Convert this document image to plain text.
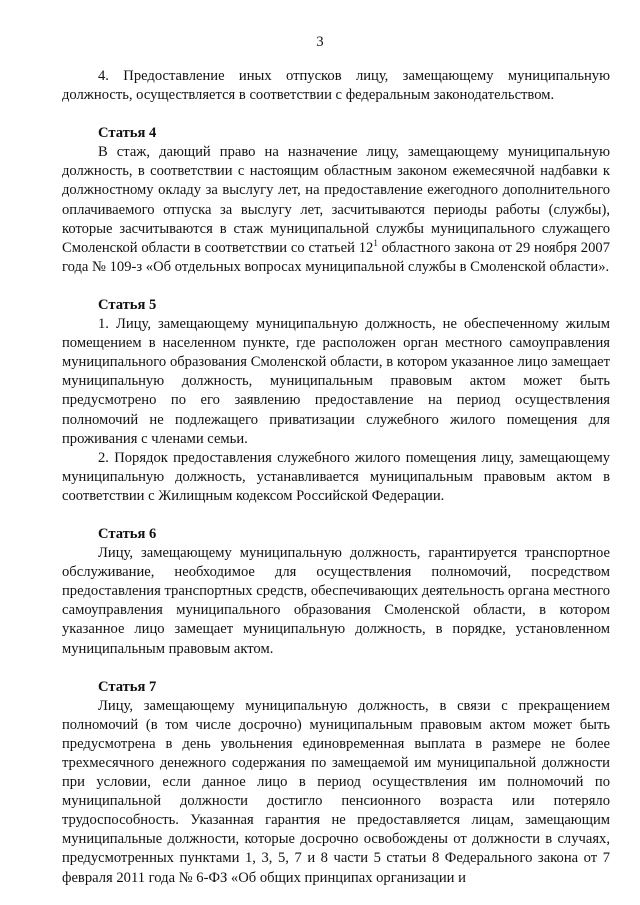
3

4. Предоставление иных отпусков лицу, замещающему муниципальную должность, осуществляется в соответствии с федеральным законодательством.

Статья 4

В стаж, дающий право на назначение лицу, замещающему муниципальную должность, в соответствии с настоящим областным законом ежемесячной надбавки к должностному окладу за выслугу лет, на предоставление ежегодного дополнительного оплачиваемого отпуска за выслугу лет, засчитываются периоды работы (службы), которые засчитываются в стаж муниципальной службы муниципального служащего Смоленской области в соответствии со статьей $12^1$ областного закона от 29 ноября 2007 года № 109-з «Об отдельных вопросах муниципальной службы в Смоленской области».

Статья 5

1. Лицу, замещающему муниципальную должность, не обеспеченному жилым помещением в населенном пункте, где расположен орган местного самоуправления муниципального образования Смоленской области, в котором указанное лицо замещает муниципальную должность, муниципальным правовым актом может быть предусмотрено по его заявлению предоставление на период осуществления полномочий не подлежащего приватизации служебного жилого помещения для проживания с членами семьи.

2. Порядок предоставления служебного жилого помещения лицу, замещающему муниципальную должность, устанавливается муниципальным правовым актом в соответствии с Жилищным кодексом Российской Федерации.

Статья 6

Лицу, замещающему муниципальную должность, гарантируется транспортное обслуживание, необходимое для осуществления полномочий, посредством предоставления транспортных средств, обеспечивающих деятельность органа местного самоуправления муниципального образования Смоленской области, в котором указанное лицо замещает муниципальную должность, в порядке, установленном муниципальным правовым актом.

Статья 7

Лицу, замещающему муниципальную должность, в связи с прекращением полномочий (в том числе досрочно) муниципальным правовым актом может быть предусмотрена в день увольнения единовременная выплата в размере не более трехмесячного денежного содержания по замещаемой им муниципальной должности при условии, если данное лицо в период осуществления им полномочий по муниципальной должности достигло пенсионного возраста или потеряло трудоспособность. Указанная гарантия не предоставляется лицам, замещающим муниципальные должности, которые досрочно освобождены от должности в случаях, предусмотренных пунктами 1, 3, 5, 7 и 8 части 5 статьи 8 Федерального закона от 7 февраля 2011 года № 6-ФЗ «Об общих принципах организации и
